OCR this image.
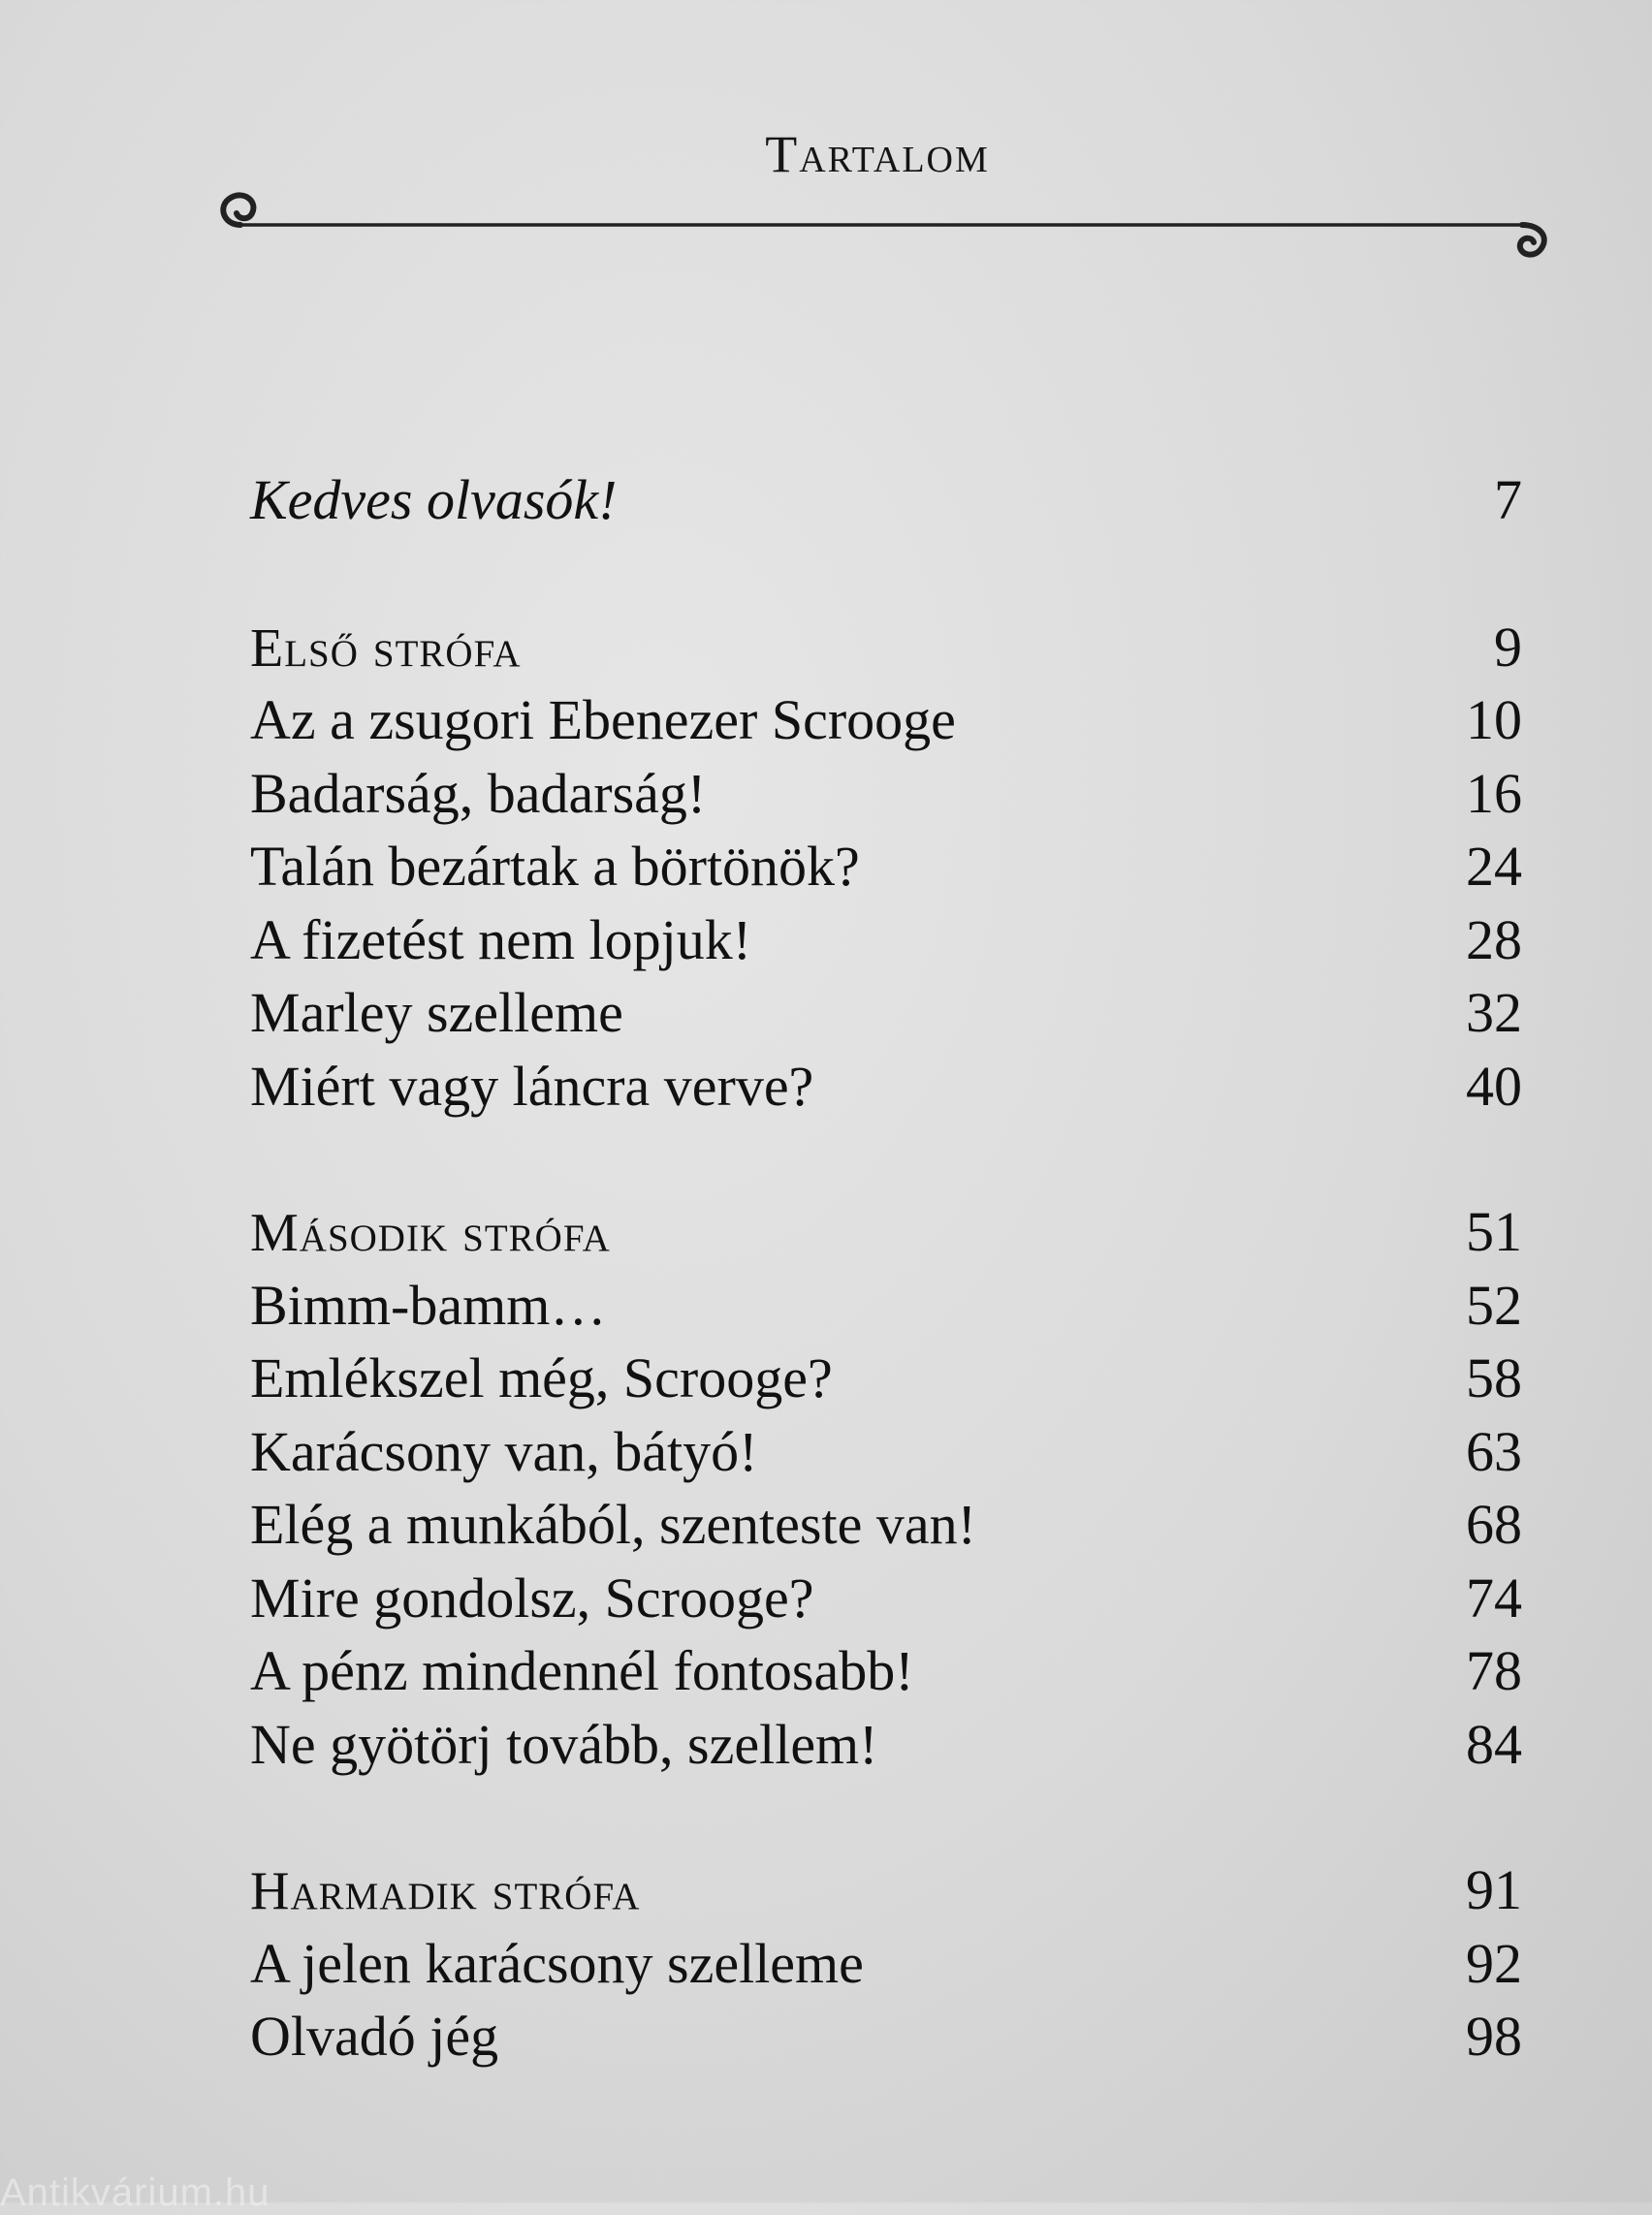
Tartalom
Kedves olvasók!	7
Első strófa	9
Az a zsugori Ebenezer Scrooge	10
Badarság, badarság!	16
Talán bezártak a börtönök?	24
A fizetést nem lopjuk!	28
Marley szelleme	32
Miért vagy láncra verve?	40
Második strófa	51
Bimm-bamm…	52
Emlékszel még, Scrooge?	58
Karácsony van, bátyó!	63
Elég a munkából, szenteste van!	68
Mire gondolsz, Scrooge?	74
A pénz mindennél fontosabb!	78
Ne gyötörj tovább, szellem!	84
Harmadik strófa	91
A jelen karácsony szelleme	92
Olvadó jég	98
Antikvárium.hu
